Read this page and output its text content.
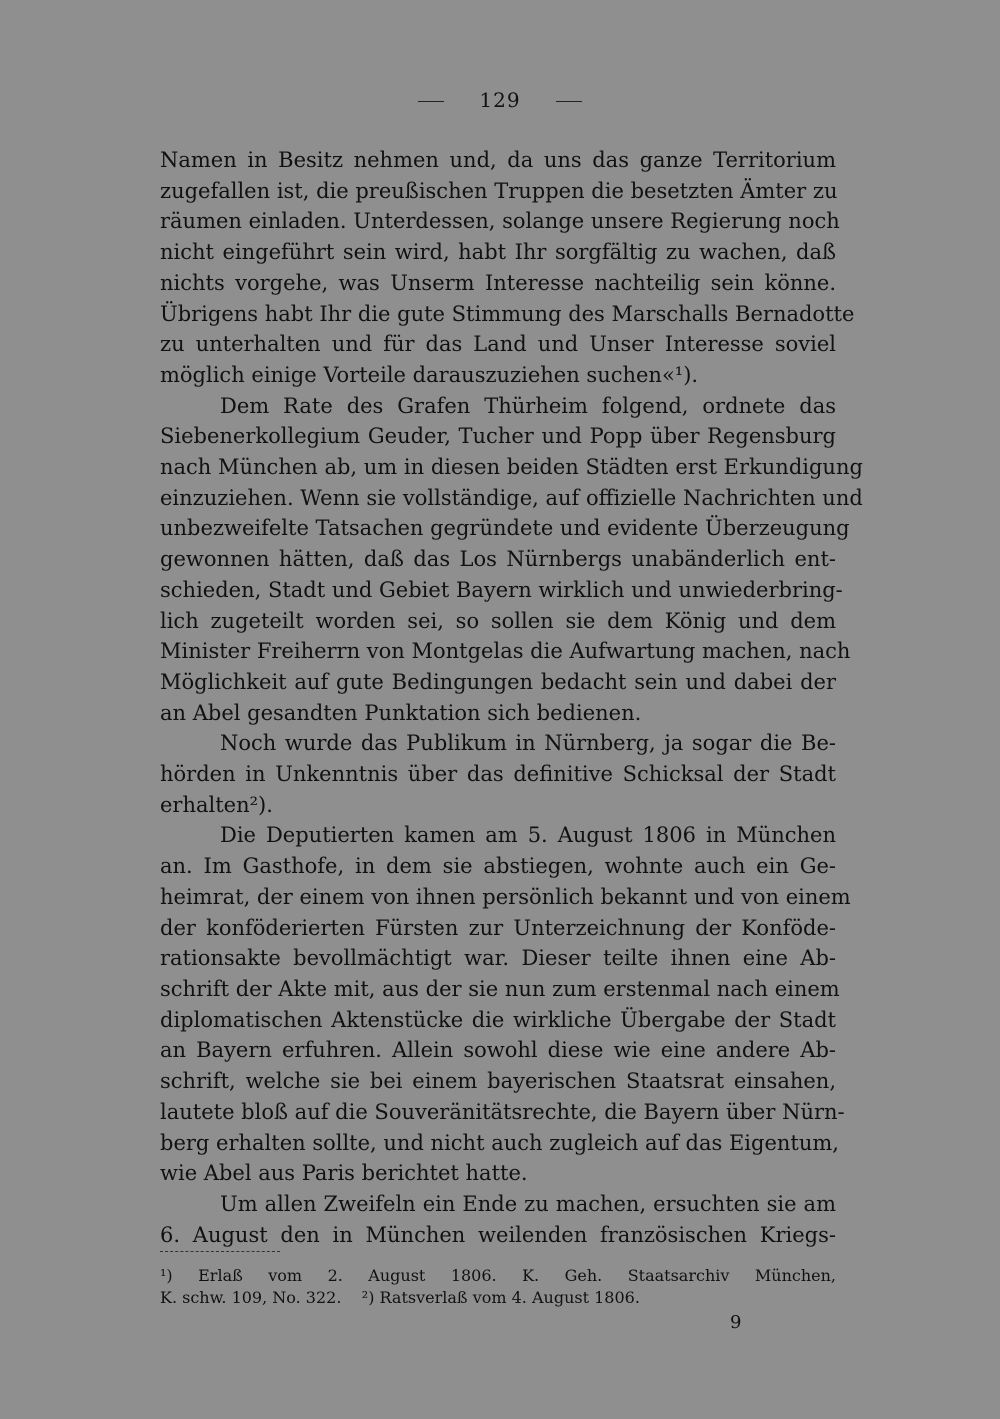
129
Namen in Besitz nehmen und, da uns das ganze Territorium
zugefallen ist, die preußischen Truppen die besetzten Ämter zu
räumen einladen. Unterdessen, solange unsere Regierung noch
nicht eingeführt sein wird, habt Ihr sorgfältig zu wachen, daß
nichts vorgehe, was Unserm Interesse nachteilig sein könne.
Übrigens habt Ihr die gute Stimmung des Marschalls Bernadotte
zu unterhalten und für das Land und Unser Interesse soviel
möglich einige Vorteile darauszuziehen suchen«¹).
Dem Rate des Grafen Thürheim folgend, ordnete das
Siebenerkollegium Geuder, Tucher und Popp über Regensburg
nach München ab, um in diesen beiden Städten erst Erkundigung
einzuziehen. Wenn sie vollständige, auf offizielle Nachrichten und
unbezweifelte Tatsachen gegründete und evidente Überzeugung
gewonnen hätten, daß das Los Nürnbergs unabänderlich ent-
schieden, Stadt und Gebiet Bayern wirklich und unwiederbring-
lich zugeteilt worden sei, so sollen sie dem König und dem
Minister Freiherrn von Montgelas die Aufwartung machen, nach
Möglichkeit auf gute Bedingungen bedacht sein und dabei der
an Abel gesandten Punktation sich bedienen.
Noch wurde das Publikum in Nürnberg, ja sogar die Be-
hörden in Unkenntnis über das definitive Schicksal der Stadt
erhalten²).
Die Deputierten kamen am 5. August 1806 in München
an. Im Gasthofe, in dem sie abstiegen, wohnte auch ein Ge-
heimrat, der einem von ihnen persönlich bekannt und von einem
der konföderierten Fürsten zur Unterzeichnung der Konföde-
rationsakte bevollmächtigt war. Dieser teilte ihnen eine Ab-
schrift der Akte mit, aus der sie nun zum erstenmal nach einem
diplomatischen Aktenstücke die wirkliche Übergabe der Stadt
an Bayern erfuhren. Allein sowohl diese wie eine andere Ab-
schrift, welche sie bei einem bayerischen Staatsrat einsahen,
lautete bloß auf die Souveränitätsrechte, die Bayern über Nürn-
berg erhalten sollte, und nicht auch zugleich auf das Eigentum,
wie Abel aus Paris berichtet hatte.
Um allen Zweifeln ein Ende zu machen, ersuchten sie am
6. August den in München weilenden französischen Kriegs-
¹) Erlaß vom 2. August 1806. K. Geh. Staatsarchiv München,
K. schw. 109, No. 322.    ²) Ratsverlaß vom 4. August 1806.
9
